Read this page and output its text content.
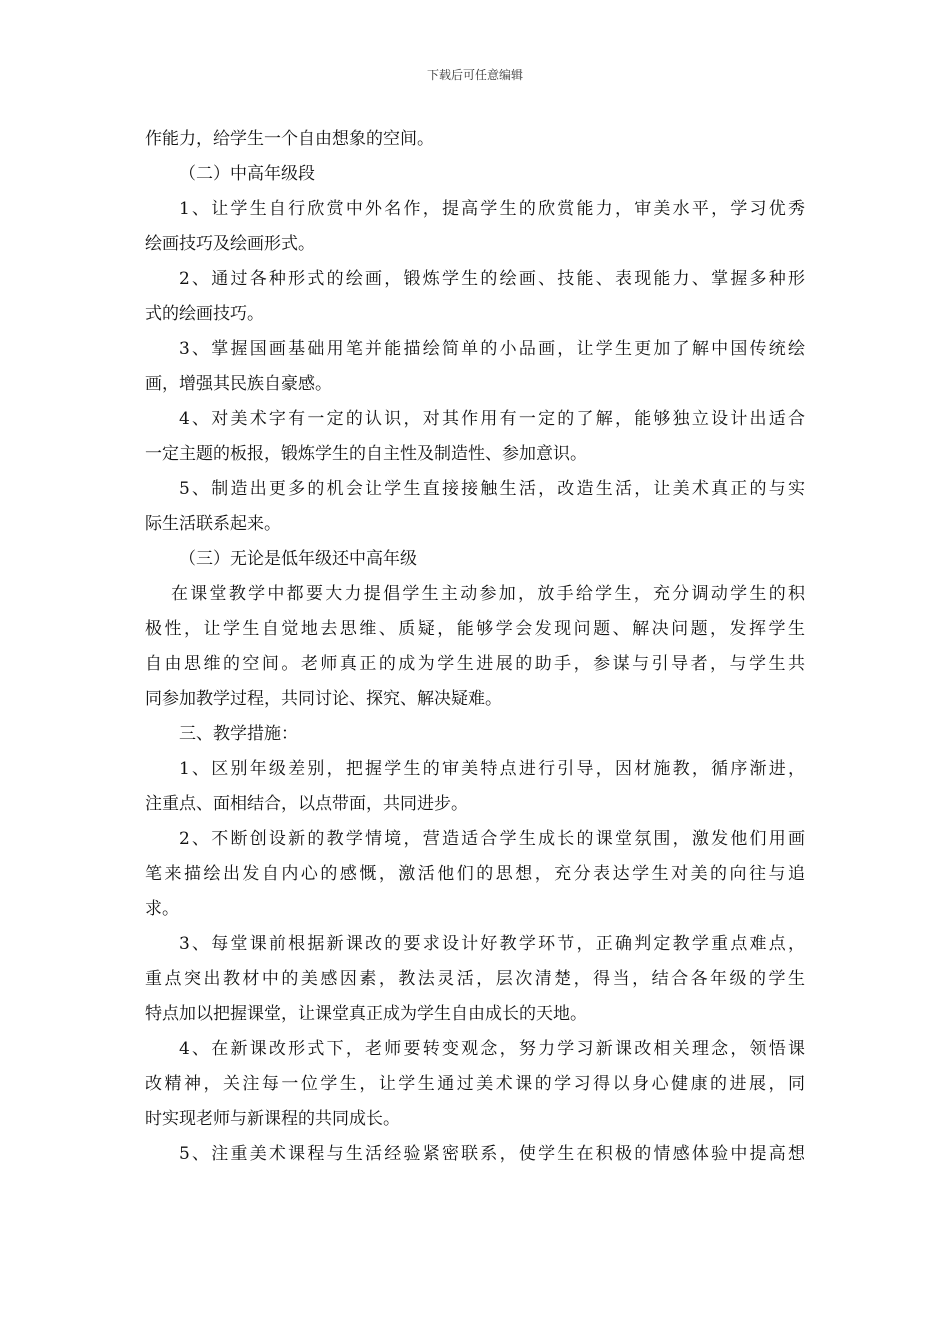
下载后可任意编辑
作能力，给学生一个自由想象的空间。
（二）中高年级段
1、让学生自行欣赏中外名作，提高学生的欣赏能力，审美水平，学习优秀
绘画技巧及绘画形式。
2、通过各种形式的绘画，锻炼学生的绘画、技能、表现能力、掌握多种形
式的绘画技巧。
3、掌握国画基础用笔并能描绘简单的小品画，让学生更加了解中国传统绘
画，增强其民族自豪感。
4、对美术字有一定的认识，对其作用有一定的了解，能够独立设计出适合
一定主题的板报，锻炼学生的自主性及制造性、参加意识。
5、制造出更多的机会让学生直接接触生活，改造生活，让美术真正的与实
际生活联系起来。
（三）无论是低年级还中高年级
在课堂教学中都要大力提倡学生主动参加，放手给学生，充分调动学生的积
极性，让学生自觉地去思维、质疑，能够学会发现问题、解决问题，发挥学生
自由思维的空间。老师真正的成为学生进展的助手，参谋与引导者，与学生共
同参加教学过程，共同讨论、探究、解决疑难。
三、教学措施：
1、区别年级差别，把握学生的审美特点进行引导，因材施教，循序渐进，
注重点、面相结合，以点带面，共同进步。
2、不断创设新的教学情境，营造适合学生成长的课堂氛围，激发他们用画
笔来描绘出发自内心的感慨，激活他们的思想，充分表达学生对美的向往与追
求。
3、每堂课前根据新课改的要求设计好教学环节，正确判定教学重点难点，
重点突出教材中的美感因素，教法灵活，层次清楚，得当，结合各年级的学生
特点加以把握课堂，让课堂真正成为学生自由成长的天地。
4、在新课改形式下，老师要转变观念，努力学习新课改相关理念，领悟课
改精神，关注每一位学生，让学生通过美术课的学习得以身心健康的进展，同
时实现老师与新课程的共同成长。
5、注重美术课程与生活经验紧密联系，使学生在积极的情感体验中提高想
